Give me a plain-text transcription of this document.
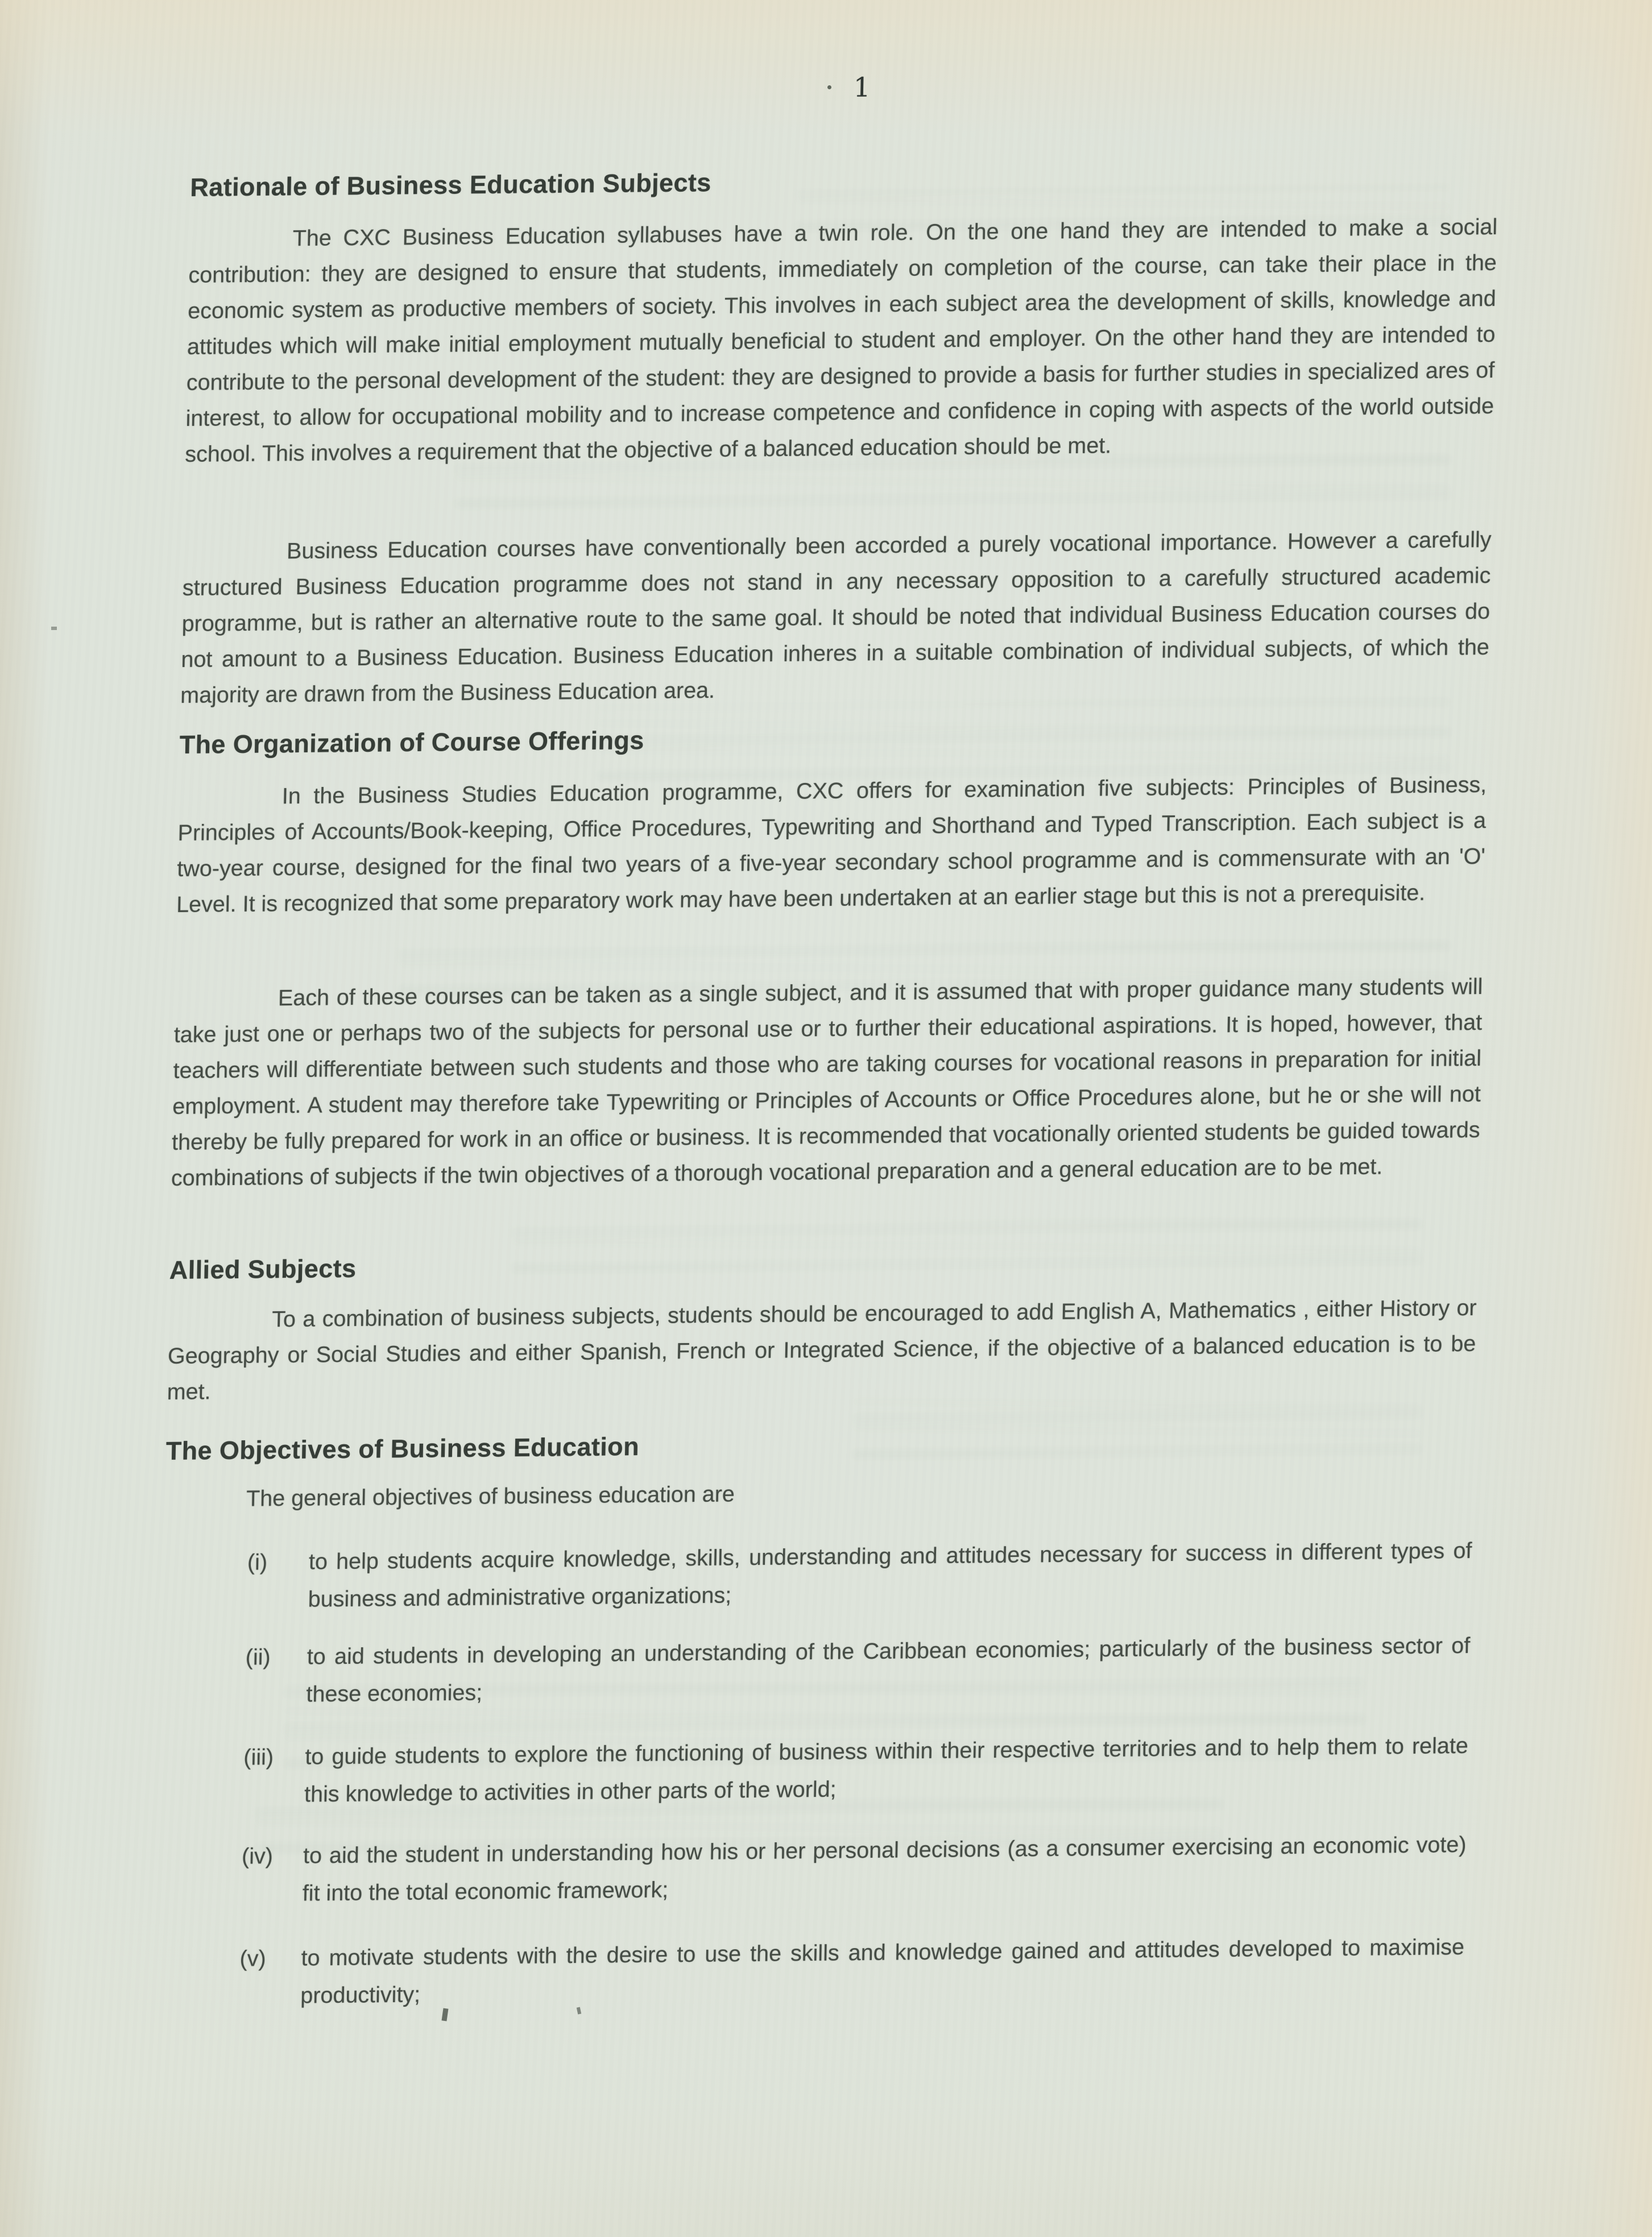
1
Rationale of Business Education Subjects

The CXC Business Education syllabuses have a twin role. On the one hand they are intended to make a social contribution: they are designed to ensure that students, immediately on completion of the course, can take their place in the economic system as productive members of society. This involves in each subject area the development of skills, knowledge and attitudes which will make initial employment mutually beneficial to student and employer. On the other hand they are intended to contribute to the personal development of the student: they are designed to provide a basis for further studies in specialized ares of interest, to allow for occupational mobility and to increase competence and confidence in coping with aspects of the world outside school. This involves a requirement that the objective of a balanced education should be met.

Business Education courses have conventionally been accorded a purely vocational importance. However a carefully structured Business Education programme does not stand in any necessary opposition to a carefully structured academic programme, but is rather an alternative route to the same goal. It should be noted that individual Business Education courses do not amount to a Business Education. Business Education inheres in a suitable combination of individual subjects, of which the majority are drawn from the Business Education area.

The Organization of Course Offerings

In the Business Studies Education programme, CXC offers for examination five subjects: Principles of Business, Principles of Accounts/Book-keeping, Office Procedures, Typewriting and Shorthand and Typed Transcription. Each subject is a two-year course, designed for the final two years of a five-year secondary school programme and is commensurate with an 'O' Level. It is recognized that some preparatory work may have been undertaken at an earlier stage but this is not a prerequisite.

Each of these courses can be taken as a single subject, and it is assumed that with proper guidance many students will take just one or perhaps two of the subjects for personal use or to further their educational aspirations. It is hoped, however, that teachers will differentiate between such students and those who are taking courses for vocational reasons in preparation for initial employment. A student may therefore take Typewriting or Principles of Accounts or Office Procedures alone, but he or she will not thereby be fully prepared for work in an office or business. It is recommended that vocationally oriented students be guided towards combinations of subjects if the twin objectives of a thorough vocational preparation and a general education are to be met.

Allied Subjects

To a combination of business subjects, students should be encouraged to add English A, Mathematics , either History or Geography or Social Studies and either Spanish, French or Integrated Science, if the objective of a balanced education is to be met.

The Objectives of Business Education

The general objectives of business education are

(i)	to help students acquire knowledge, skills, understanding and attitudes necessary for success in different types of business and administrative organizations;
(ii)	to aid students in developing an understanding of the Caribbean economies; particularly of the business sector of these economies;
(iii)	to guide students to explore the functioning of business within their respective territories and to help them to relate this knowledge to activities in other parts of the world;
(iv)	to aid the student in understanding how his or her personal decisions (as a consumer exercising an economic vote) fit into the total economic framework;
(v)	to motivate students with the desire to use the skills and knowledge gained and attitudes developed to maximise productivity;
